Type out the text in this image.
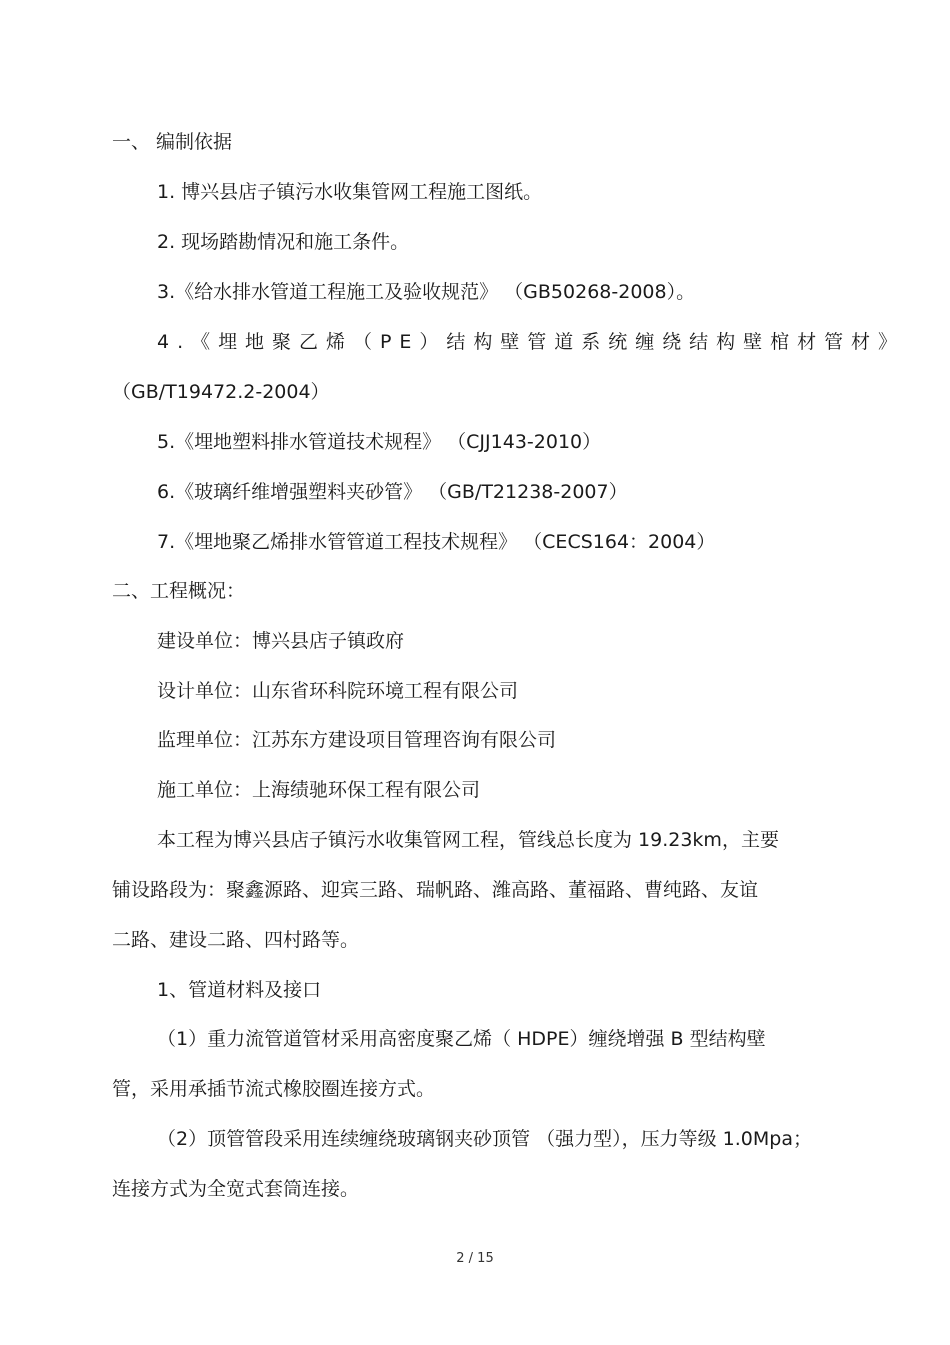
一、 编制依据
1. 博兴县店子镇污水收集管网工程施工图纸。
2. 现场踏勘情况和施工条件。
3.《给水排水管道工程施工及验收规范》 （GB50268-2008）。
4.《埋地聚乙烯（PE）结构壁管道系统缠绕结构壁棺材管材》
（GB/T19472.2-2004）
5.《埋地塑料排水管道技术规程》 （CJJ143-2010）
6.《玻璃纤维增强塑料夹砂管》 （GB/T21238-2007）
7.《埋地聚乙烯排水管管道工程技术规程》 （CECS164：2004）
二、工程概况：
建设单位：博兴县店子镇政府
设计单位：山东省环科院环境工程有限公司
监理单位：江苏东方建设项目管理咨询有限公司
施工单位：上海绩驰环保工程有限公司
本工程为博兴县店子镇污水收集管网工程，管线总长度为 19.23km，主要
铺设路段为：聚鑫源路、迎宾三路、瑞帆路、潍高路、董福路、曹纯路、友谊
二路、建设二路、四村路等。
1、管道材料及接口
（1）重力流管道管材采用高密度聚乙烯（ HDPE）缠绕增强 B 型结构壁
管，采用承插节流式橡胶圈连接方式。
（2）顶管管段采用连续缠绕玻璃钢夹砂顶管 （强力型），压力等级 1.0Mpa；
连接方式为全宽式套筒连接。
2 / 15
